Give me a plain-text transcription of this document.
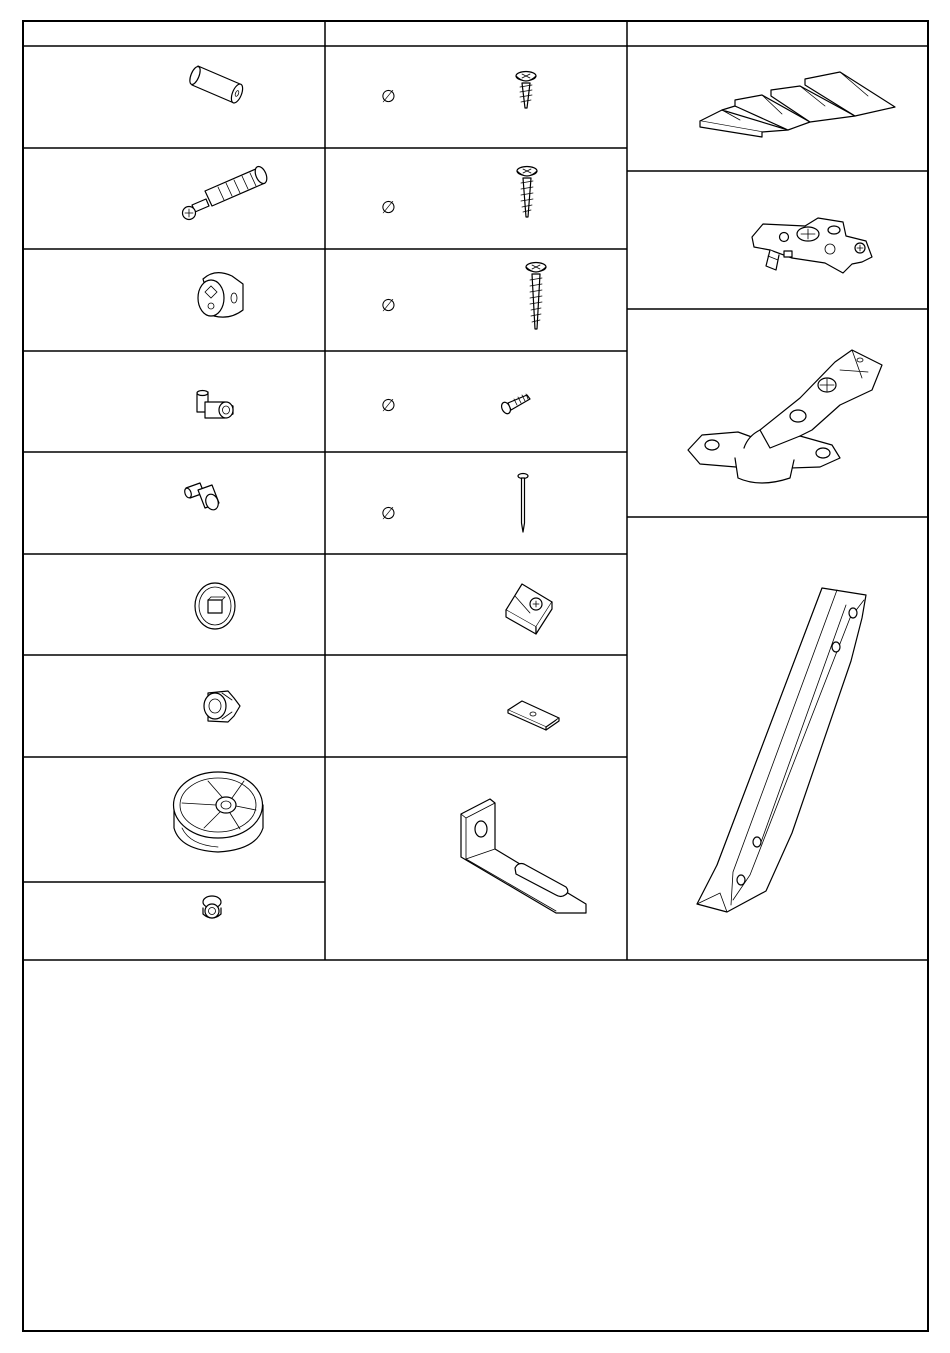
∅
∅
∅
∅
∅
